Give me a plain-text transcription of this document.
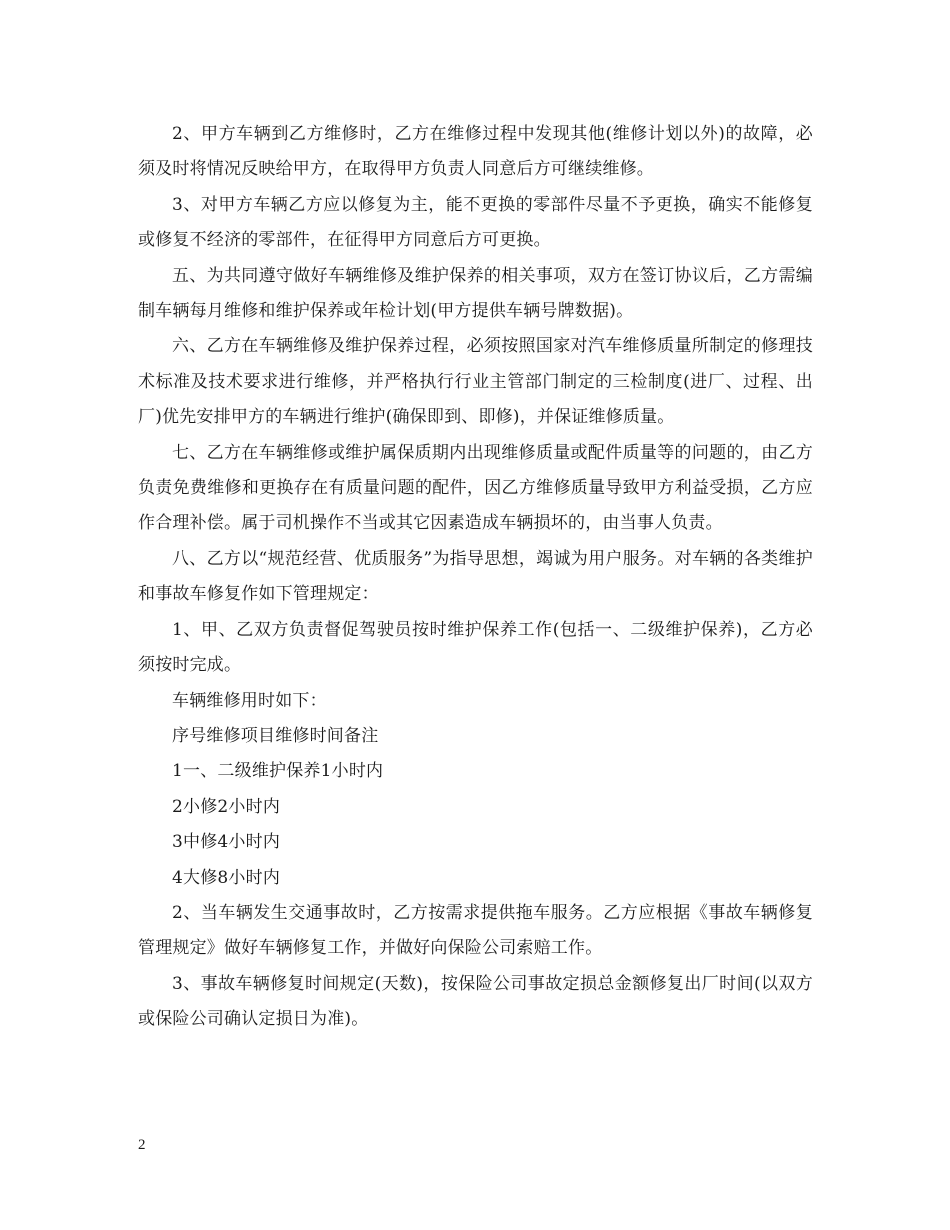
2、甲方车辆到乙方维修时，乙方在维修过程中发现其他(维修计划以外)的故障，必须及时将情况反映给甲方，在取得甲方负责人同意后方可继续维修。

3、对甲方车辆乙方应以修复为主，能不更换的零部件尽量不予更换，确实不能修复或修复不经济的零部件，在征得甲方同意后方可更换。

五、为共同遵守做好车辆维修及维护保养的相关事项，双方在签订协议后，乙方需编制车辆每月维修和维护保养或年检计划(甲方提供车辆号牌数据)。

六、乙方在车辆维修及维护保养过程，必须按照国家对汽车维修质量所制定的修理技术标准及技术要求进行维修，并严格执行行业主管部门制定的三检制度(进厂、过程、出厂)优先安排甲方的车辆进行维护(确保即到、即修)，并保证维修质量。

七、乙方在车辆维修或维护属保质期内出现维修质量或配件质量等的问题的，由乙方负责免费维修和更换存在有质量问题的配件，因乙方维修质量导致甲方利益受损，乙方应作合理补偿。属于司机操作不当或其它因素造成车辆损坏的，由当事人负责。

八、乙方以“规范经营、优质服务”为指导思想，竭诚为用户服务。对车辆的各类维护和事故车修复作如下管理规定：

1、甲、乙双方负责督促驾驶员按时维护保养工作(包括一、二级维护保养)，乙方必须按时完成。

车辆维修用时如下：

序号维修项目维修时间备注

1一、二级维护保养1小时内

2小修2小时内

3中修4小时内

4大修8小时内

2、当车辆发生交通事故时，乙方按需求提供拖车服务。乙方应根据《事故车辆修复管理规定》做好车辆修复工作，并做好向保险公司索赔工作。

3、事故车辆修复时间规定(天数)，按保险公司事故定损总金额修复出厂时间(以双方或保险公司确认定损日为准)。

2
